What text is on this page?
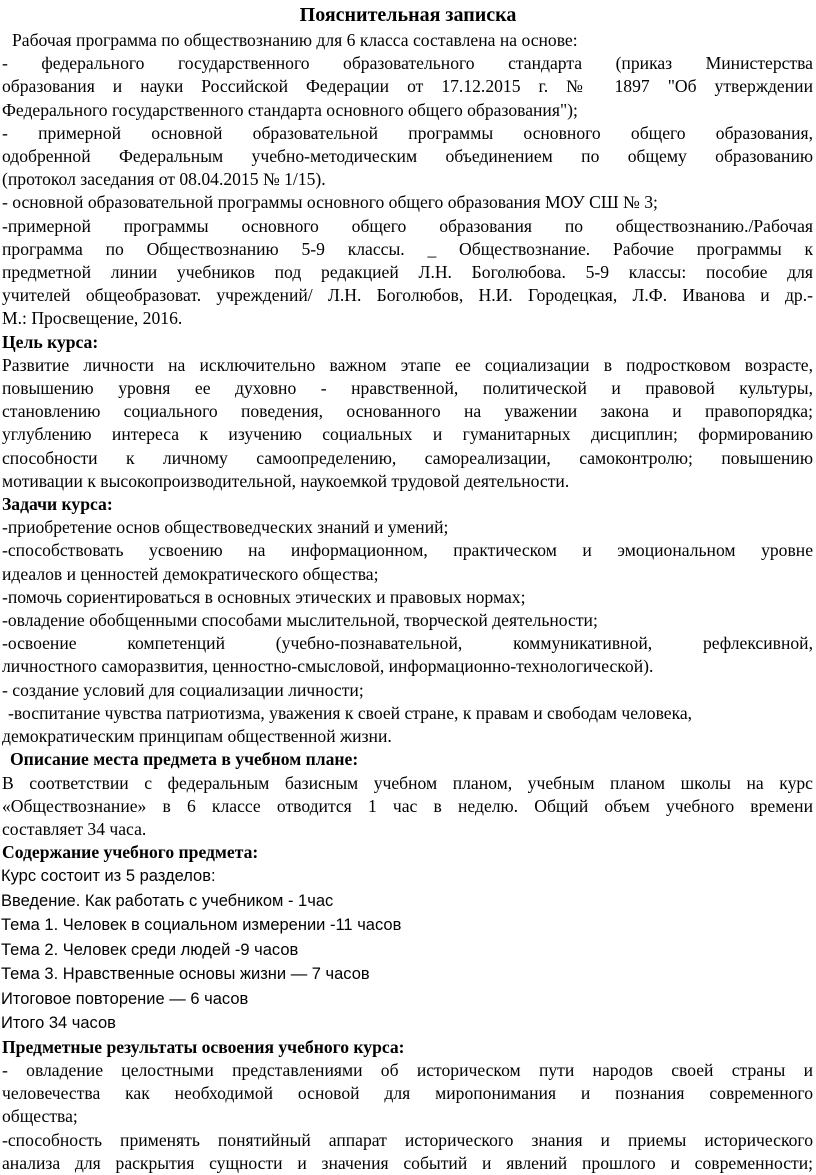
Пояснительная записка
Рабочая программа по обществознанию для 6 класса составлена на основе:
- федерального государственного образовательного стандарта (приказ Министерства
образования и науки Российской Федерации от 17.12.2015 г. № 1897 "Об утверждении
Федерального государственного стандарта основного общего образования");
- примерной основной образовательной программы основного общего образования,
одобренной Федеральным учебно-методическим объединением по общему образованию
(протокол заседания от 08.04.2015 № 1/15).
- основной образовательной программы основного общего образования МОУ СШ № 3;
-примерной программы основного общего образования по обществознанию./Рабочая
программа по Обществознанию 5-9 классы. _ Обществознание. Рабочие программы к
предметной линии учебников под редакцией Л.Н. Боголюбова. 5-9 классы: пособие для
учителей общеобразоват. учреждений/ Л.Н. Боголюбов, Н.И. Городецкая, Л.Ф. Иванова и др.-
М.: Просвещение, 2016.
Цель курса:
Развитие личности на исключительно важном этапе ее социализации в подростковом возрасте,
повышению уровня ее духовно - нравственной, политической и правовой культуры,
становлению социального поведения, основанного на уважении закона и правопорядка;
углублению интереса к изучению социальных и гуманитарных дисциплин; формированию
способности к личному самоопределению, самореализации, самоконтролю; повышению
мотивации к высокопроизводительной, наукоемкой трудовой деятельности.
Задачи курса:
-приобретение основ обществоведческих знаний и умений;
-способствовать усвоению на информационном, практическом и эмоциональном уровне
идеалов и ценностей демократического общества;
-помочь сориентироваться в основных этических и правовых нормах;
-овладение обобщенными способами мыслительной, творческой деятельности;
-освоение компетенций (учебно-познавательной, коммуникативной, рефлексивной,
личностного саморазвития, ценностно-смысловой, информационно-технологической).
- создание условий для социализации личности;
-воспитание чувства патриотизма, уважения к своей стране, к правам и свободам человека,
демократическим принципам общественной жизни.
Описание места предмета в учебном плане:
В соответствии с федеральным базисным учебном планом, учебным планом школы на курс
«Обществознание» в 6 классе отводится 1 час в неделю. Общий объем учебного времени
составляет 34 часа.
Содержание учебного предмета:
Курс состоит из 5 разделов:
Введение. Как работать с учебником - 1час
Тема 1. Человек в социальном измерении -11 часов
Тема 2. Человек среди людей -9 часов
Тема 3. Нравственные основы жизни — 7 часов
Итоговое повторение — 6 часов
Итого 34 часов
Предметные результаты освоения учебного курса:
- овладение целостными представлениями об историческом пути народов своей страны и
человечества как необходимой основой для миропонимания и познания современного
общества;
-способность применять понятийный аппарат исторического знания и приемы исторического
анализа для раскрытия сущности и значения событий и явлений прошлого и современности;
